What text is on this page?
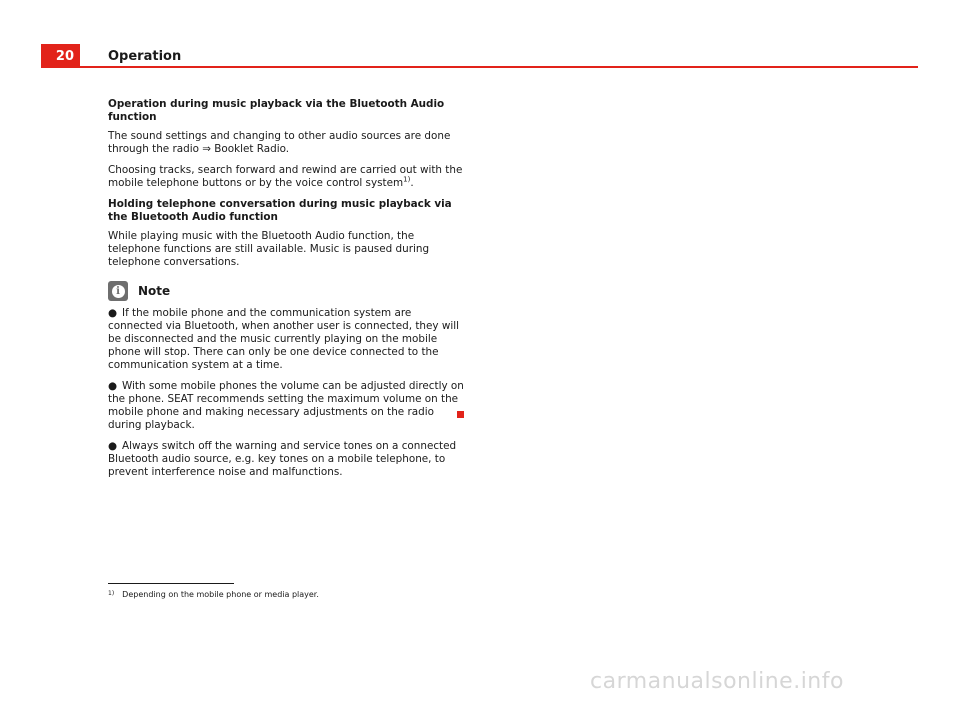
20	Operation

Operation during music playback via the Bluetooth Audio function

The sound settings and changing to other audio sources are done through the radio ⇒ Booklet Radio.

Choosing tracks, search forward and rewind are carried out with the mobile telephone buttons or by the voice control system$^{1)}$.

Holding telephone conversation during music playback via the Bluetooth Audio function

While playing music with the Bluetooth Audio function, the telephone functions are still available. Music is paused during telephone conversations.

i	Note

● If the mobile phone and the communication system are connected via Bluetooth, when another user is connected, they will be disconnected and the music currently playing on the mobile phone will stop. There can only be one device connected to the communication system at a time.

● With some mobile phones the volume can be adjusted directly on the phone. SEAT recommends setting the maximum volume on the mobile phone and making necessary adjustments on the radio during playback.

● Always switch off the warning and service tones on a connected Bluetooth audio source, e.g. key tones on a mobile telephone, to prevent interference noise and malfunctions.

$^{1)}$ Depending on the mobile phone or media player.
carmanualsonline.info
